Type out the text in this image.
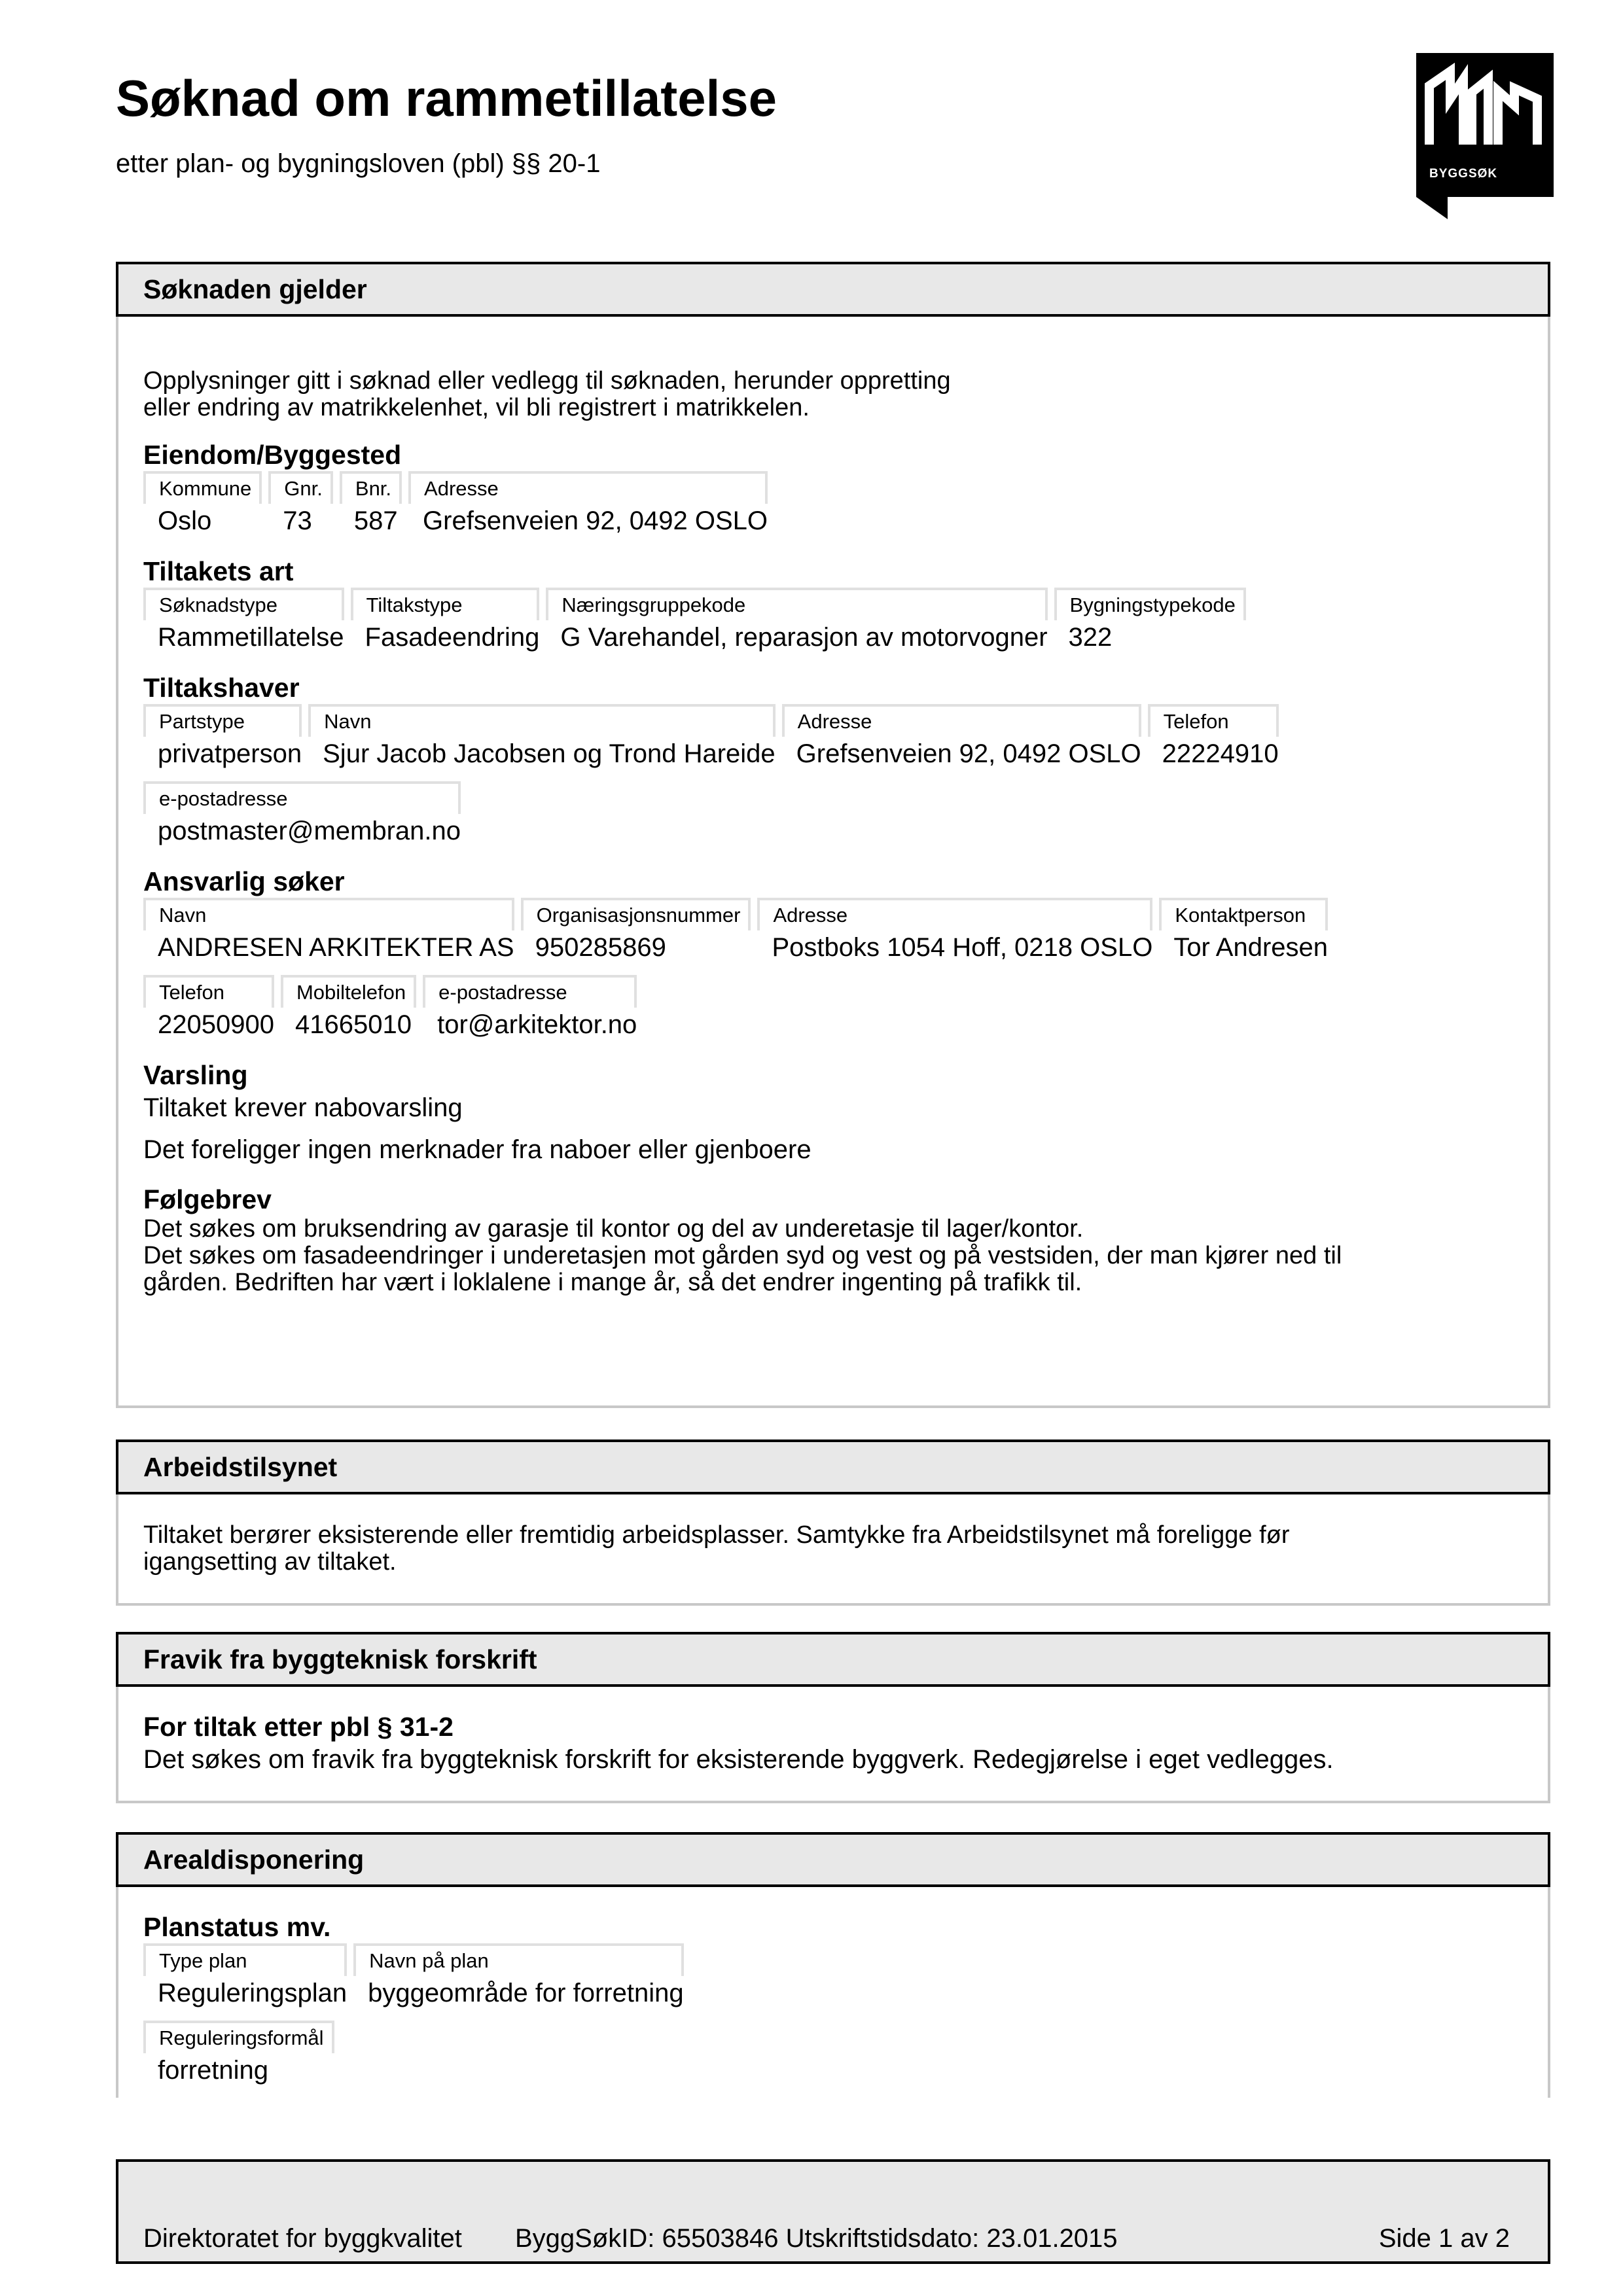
Søknad om rammetillatelse
etter plan- og bygningsloven (pbl) §§ 20-1	BYGGSØK
Søknaden gjelder

Opplysninger gitt i søknad eller vedlegg til søknaden, herunder oppretting

eller endring av matrikkelenhet, vil bli registrert i matrikkelen.

Eiendom/Byggested

Kommune
Oslo
Gnr.
73
Bnr.
587
Adresse
Grefsenveien 92, 0492 OSLO

Tiltakets art

Søknadstype
Rammetillatelse
Tiltakstype
Fasadeendring
Næringsgruppekode
G Varehandel, reparasjon av motorvogner
Bygningstypekode
322

Tiltakshaver

Partstype
privatperson
Navn
Sjur Jacob Jacobsen og Trond Hareide
Adresse
Grefsenveien 92, 0492 OSLO
Telefon
22224910
e-postadresse
postmaster@membran.no

Ansvarlig søker

Navn
ANDRESEN ARKITEKTER AS
Organisasjonsnummer
950285869
Adresse
Postboks 1054 Hoff, 0218 OSLO
Kontaktperson
Tor Andresen
Telefon
22050900
Mobiltelefon
41665010
e-postadresse
tor@arkitektor.no

Varsling

Tiltaket krever nabovarsling
Det foreligger ingen merknader fra naboer eller gjenboere

Følgebrev

Det søkes om bruksendring av garasje til kontor og del av underetasje til lager/kontor.

Det søkes om fasadeendringer i underetasjen mot gården syd og vest og på vestsiden, der man kjører ned til

gården. Bedriften har vært i loklalene i mange år, så det endrer ingenting på trafikk til.

Arbeidstilsynet

Tiltaket berører eksisterende eller fremtidig arbeidsplasser. Samtykke fra Arbeidstilsynet må foreligge før

igangsetting av tiltaket.

Fravik fra byggteknisk forskrift

For tiltak etter pbl § 31-2

Det søkes om fravik fra byggteknisk forskrift for eksisterende byggverk. Redegjørelse i eget vedlegges.
Arealdisponering

Planstatus mv.

Type plan
Reguleringsplan
Navn på plan
byggeområde for forretning
Reguleringsformål
forretning
Direktoratet for byggkvalitet ByggSøkID: 65503846 Utskriftstidsdato: 23.01.2015	Side 1 av 2
